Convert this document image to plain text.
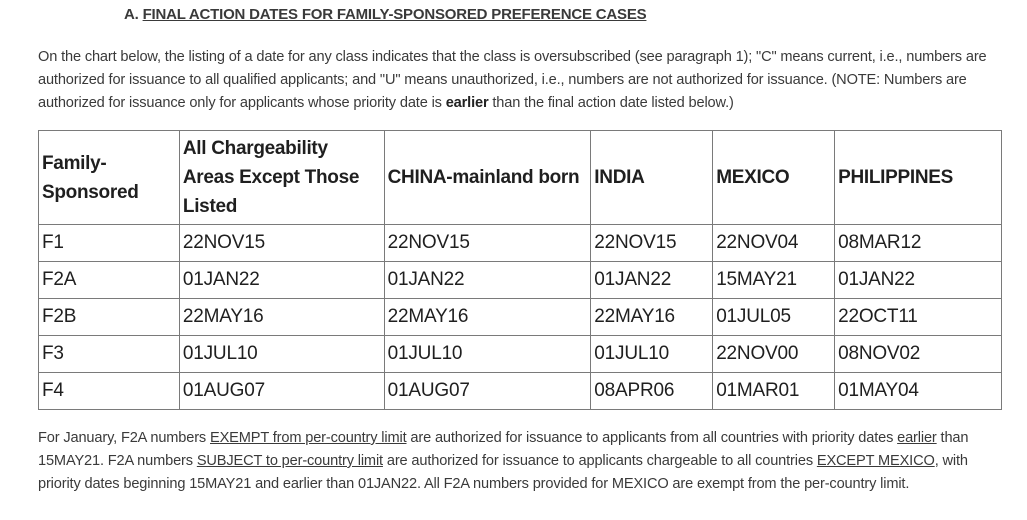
A. FINAL ACTION DATES FOR FAMILY-SPONSORED PREFERENCE CASES

On the chart below, the listing of a date for any class indicates that the class is oversubscribed (see paragraph 1); "C" means current, i.e., numbers are authorized for issuance to all qualified applicants; and "U" means unauthorized, i.e., numbers are not authorized for issuance. (NOTE: Numbers are authorized for issuance only for applicants whose priority date is earlier than the final action date listed below.)

Family-Sponsored	All Chargeability Areas Except Those Listed	CHINA-mainland born	INDIA	MEXICO	PHILIPPINES
F1	22NOV15	22NOV15	22NOV15	22NOV04	08MAR12
F2A	01JAN22	01JAN22	01JAN22	15MAY21	01JAN22
F2B	22MAY16	22MAY16	22MAY16	01JUL05	22OCT11
F3	01JUL10	01JUL10	01JUL10	22NOV00	08NOV02
F4	01AUG07	01AUG07	08APR06	01MAR01	01MAY04

For January, F2A numbers EXEMPT from per-country limit are authorized for issuance to applicants from all countries with priority dates earlier than 15MAY21. F2A numbers SUBJECT to per-country limit are authorized for issuance to applicants chargeable to all countries EXCEPT MEXICO, with priority dates beginning 15MAY21 and earlier than 01JAN22. All F2A numbers provided for MEXICO are exempt from the per-country limit.
